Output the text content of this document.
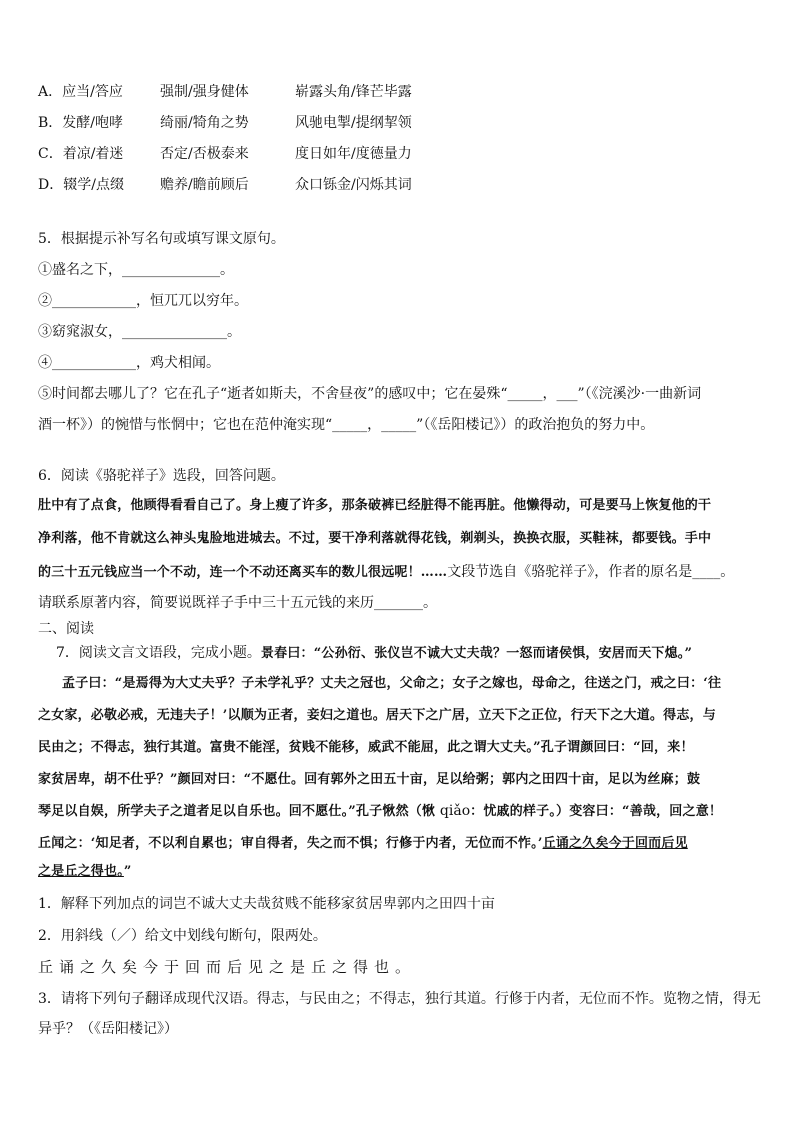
A．应当/答应	强制/强身健体	崭露头角/锋芒毕露
B．发酵/咆哮	绮丽/犄角之势	风驰电掣/提纲挈领
C．着凉/着迷	否定/否极泰来	度日如年/度德量力
D．辍学/点缀	赡养/瞻前顾后	众口铄金/闪烁其词
5．根据提示补写名句或填写课文原句。
①盛名之下，______________。
②____________，恒兀兀以穷年。
③窈窕淑女，_______________。
④____________，鸡犬相闻。
⑤时间都去哪儿了？它在孔子“逝者如斯夫，不舍昼夜”的感叹中；它在晏殊“_____，___”（《浣溪沙·一曲新词
酒一杯》）的惋惜与怅惘中；它也在范仲淹实现“_____，_____”（《岳阳楼记》）的政治抱负的努力中。
6．阅读《骆驼祥子》选段，回答问题。
肚中有了点食，他顾得看看自己了。身上瘦了许多，那条破裤已经脏得不能再脏。他懒得动，可是要马上恢复他的干
净利落，他不肯就这么神头鬼脸地进城去。不过，要干净利落就得花钱，剃剃头，换换衣服，买鞋袜，都要钱。手中
的三十五元钱应当一个不动，连一个不动还离买车的数儿很远呢！……文段节选自《骆驼祥子》，作者的原名是____。
请联系原著内容，简要说既祥子手中三十五元钱的来历_______。
二、阅读
7．阅读文言文语段，完成小题。景春曰：“公孙衍、张仪岂不诚大丈夫哉？一怒而诸侯惧，安居而天下熄。”
孟子曰：“是焉得为大丈夫乎？子未学礼乎？丈夫之冠也，父命之；女子之嫁也，母命之，往送之门，戒之曰：‘往
之女家，必敬必戒，无违夫子！’以顺为正者，妾妇之道也。居天下之广居，立天下之正位，行天下之大道。得志，与
民由之；不得志，独行其道。富贵不能淫，贫贱不能移，威武不能屈，此之谓大丈夫。”孔子谓颜回曰：“回，来！
家贫居卑，胡不仕乎？”颜回对曰：“不愿仕。回有郭外之田五十亩，足以给粥；郭内之田四十亩，足以为丝麻；鼓
琴足以自娱，所学夫子之道者足以自乐也。回不愿仕。”孔子愀然（愀 qiǎo：忧戚的样子。）变容曰：“善哉，回之意！
丘闻之：‘知足者，不以利自累也；审自得者，失之而不惧；行修于内者，无位而不怍。’丘诵之久矣今于回而后见
之是丘之得也。”
1．解释下列加点的词岂不诚大丈夫哉贫贱不能移家贫居卑郭内之田四十亩
2．用斜线（／）给文中划线句断句，限两处。
丘诵之久矣今于回而后见之是丘之得也。
3．请将下列句子翻译成现代汉语。得志，与民由之；不得志，独行其道。行修于内者，无位而不怍。览物之情，得无
异乎？（《岳阳楼记》）
